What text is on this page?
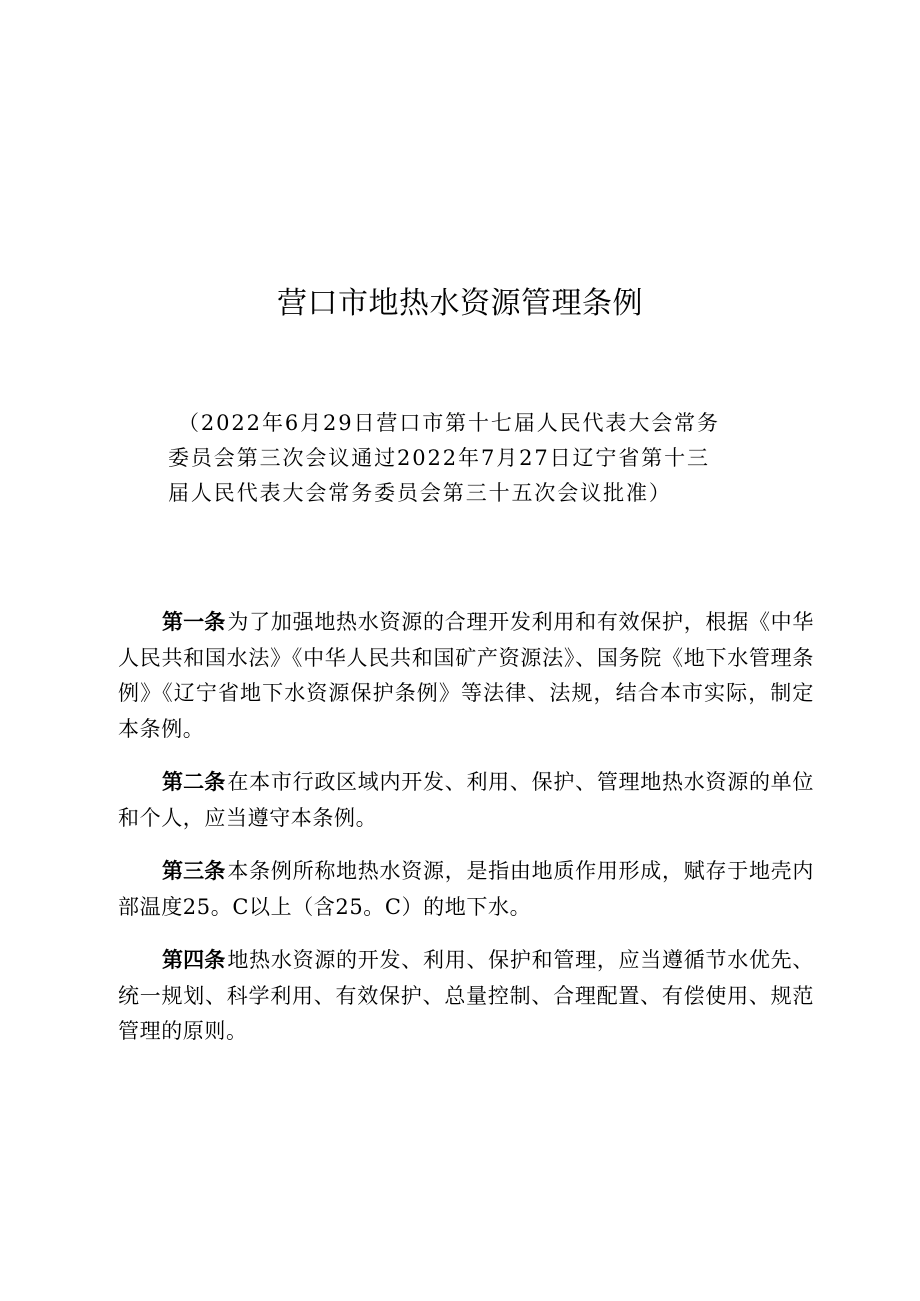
营口市地热水资源管理条例
（2022年6月29日营口市第十七届人民代表大会常务
委员会第三次会议通过2022年7月27日辽宁省第十三
届人民代表大会常务委员会第三十五次会议批准）

第一条为了加强地热水资源的合理开发利用和有效保护，根据《中华人民共和国水法》《中华人民共和国矿产资源法》、国务院《地下水管理条例》《辽宁省地下水资源保护条例》等法律、法规，结合本市实际，制定本条例。

第二条在本市行政区域内开发、利用、保护、管理地热水资源的单位和个人，应当遵守本条例。

第三条本条例所称地热水资源，是指由地质作用形成，赋存于地壳内部温度25。C以上（含25。C）的地下水。

第四条地热水资源的开发、利用、保护和管理，应当遵循节水优先、统一规划、科学利用、有效保护、总量控制、合理配置、有偿使用、规范管理的原则。
